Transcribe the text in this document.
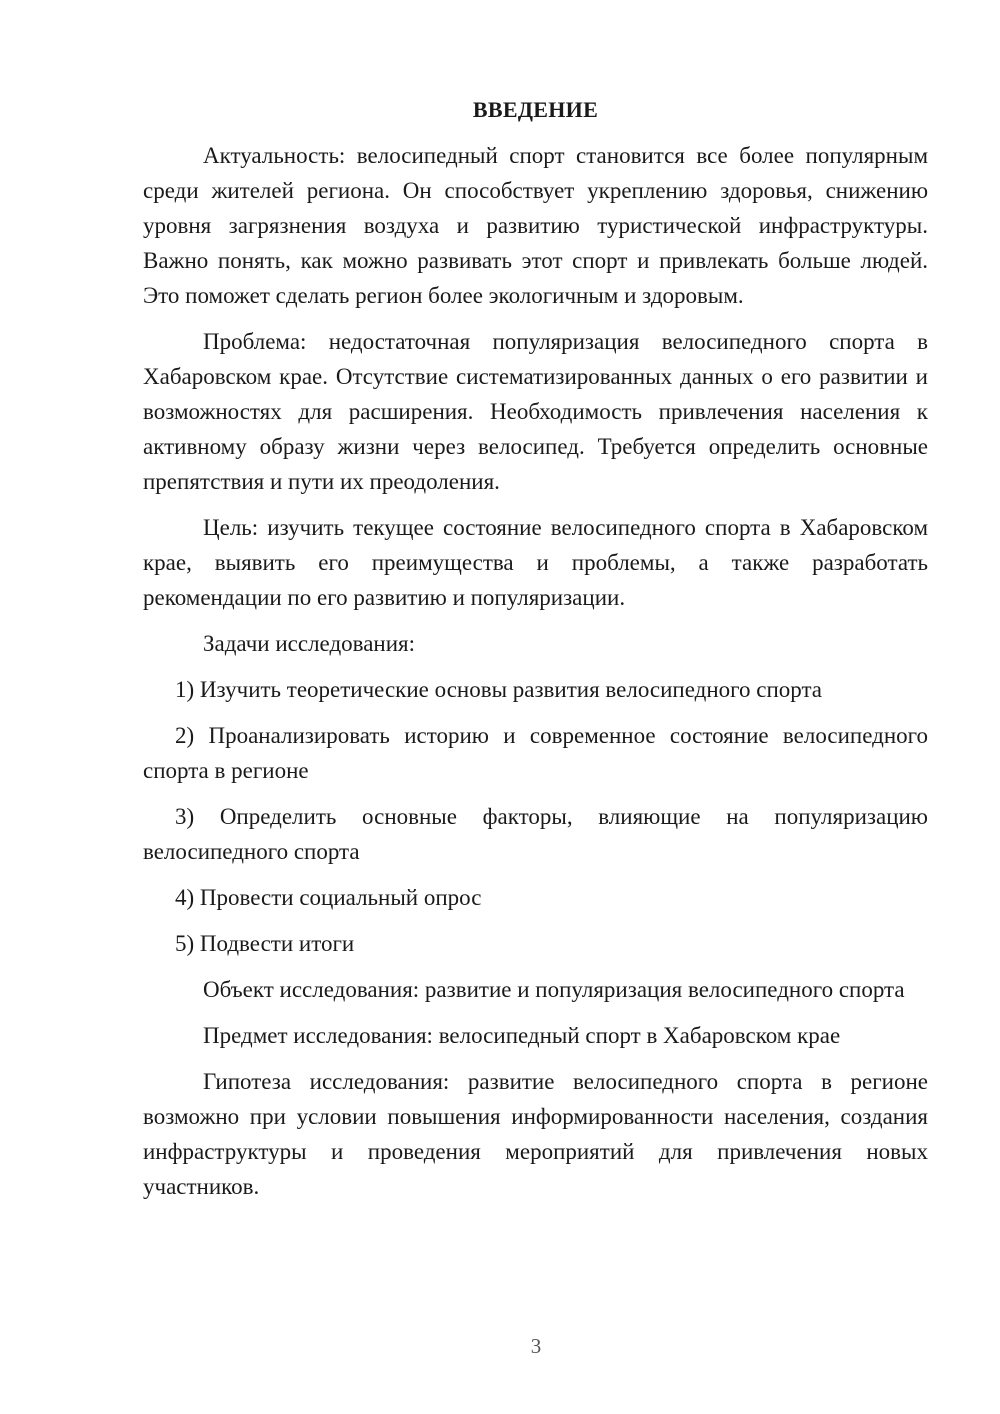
ВВЕДЕНИЕ

Актуальность: велосипедный спорт становится все более популярным среди жителей региона. Он способствует укреплению здоровья, снижению уровня загрязнения воздуха и развитию туристической инфраструктуры. Важно понять, как можно развивать этот спорт и привлекать больше людей. Это поможет сделать регион более экологичным и здоровым.

Проблема: недостаточная популяризация велосипедного спорта в Хабаровском крае. Отсутствие систематизированных данных о его развитии и возможностях для расширения. Необходимость привлечения населения к активному образу жизни через велосипед. Требуется определить основные препятствия и пути их преодоления.

Цель: изучить текущее состояние велосипедного спорта в Хабаровском крае, выявить его преимущества и проблемы, а также разработать рекомендации по его развитию и популяризации.

Задачи исследования:

1) Изучить теоретические основы развития велосипедного спорта

2) Проанализировать историю и современное состояние велосипедного спорта в регионе

3) Определить основные факторы, влияющие на популяризацию велосипедного спорта

4) Провести социальный опрос

5) Подвести итоги

Объект исследования: развитие и популяризация велосипедного спорта

Предмет исследования: велосипедный спорт в Хабаровском крае

Гипотеза исследования: развитие велосипедного спорта в регионе возможно при условии повышения информированности населения, создания инфраструктуры и проведения мероприятий для привлечения новых участников.

3
